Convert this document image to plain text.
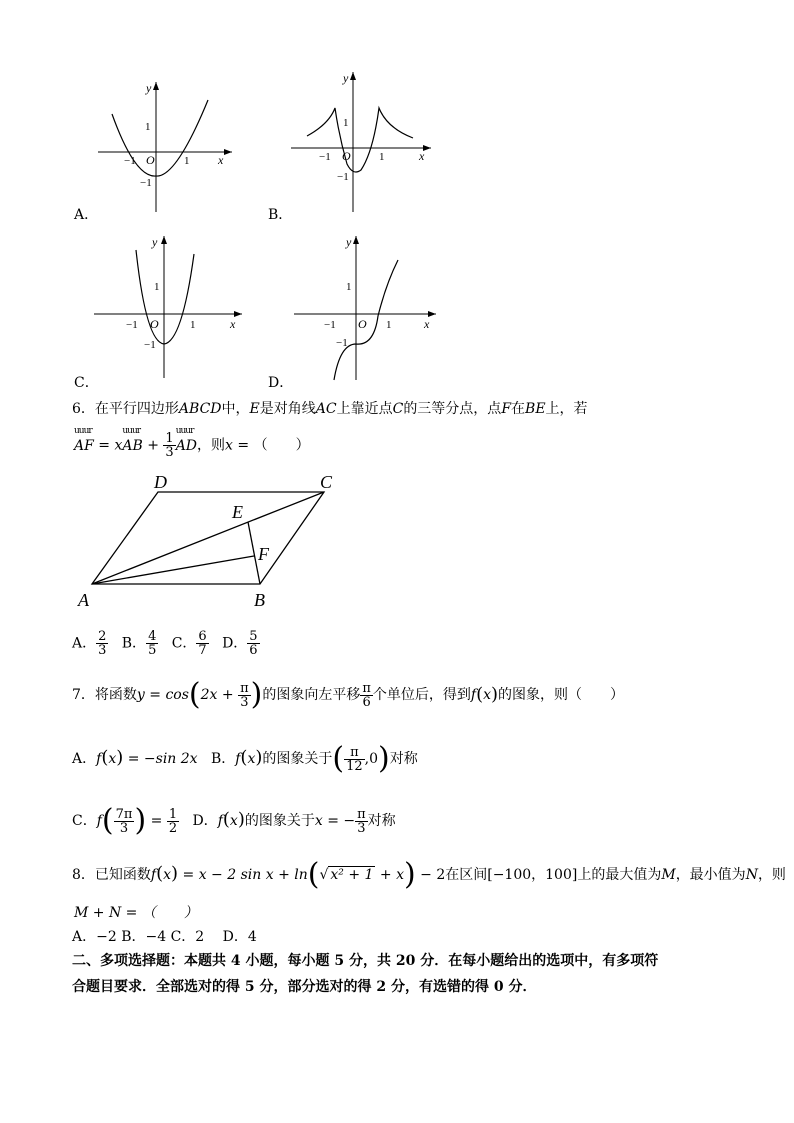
y
x
O
1
−1	1
−1
A．
y
x
O
1
−1	1
−1
B．
y
x
O
1
−1	1
−1
C．
y
x
O
1
−1	1
−1
D．
6．在平行四边形ABCD中，E是对角线AC上靠近点C的三等分点，点F在BE上，若
uuur
AF = x
uuur
AB + $\frac{1}{3}$
uuur
AD，则x = （　　）
A	B
C
D
E
F
A． $\frac{2}{3}$ B． $\frac{4}{5}$ C． $\frac{6}{7}$ D． $\frac{5}{6}$
7．将函数$y = \cos(2x + \frac{\pi}{3}$ )的图象向左平移 $\frac{\pi}{6}$ 个单位后，得到f(x)的图象，则（　　）
A．f(x) = −sin 2x B．f(x)的图象关于( $\frac{\pi}{12} ,0$)对称
C．$f( \frac{7\pi}{3}$ ) = $\frac{1}{2}$ D．f(x)的图象关于x = − $\frac{\pi}{3}$ 对称
8．已知函数f(x) = x − 2 sin x + ln(√ x² + 1 + x) − 2在区间[−100，100]上的最大值为M，最小值为N，则
M + N = （　　）
A．−2 B．−4 C．2　 D．4
二、多项选择题：本题共 4 小题，每小题 5 分，共 20 分．在每小题给出的选项中，有多项符
合题目要求．全部选对的得 5 分，部分选对的得 2 分，有选错的得 0 分．
